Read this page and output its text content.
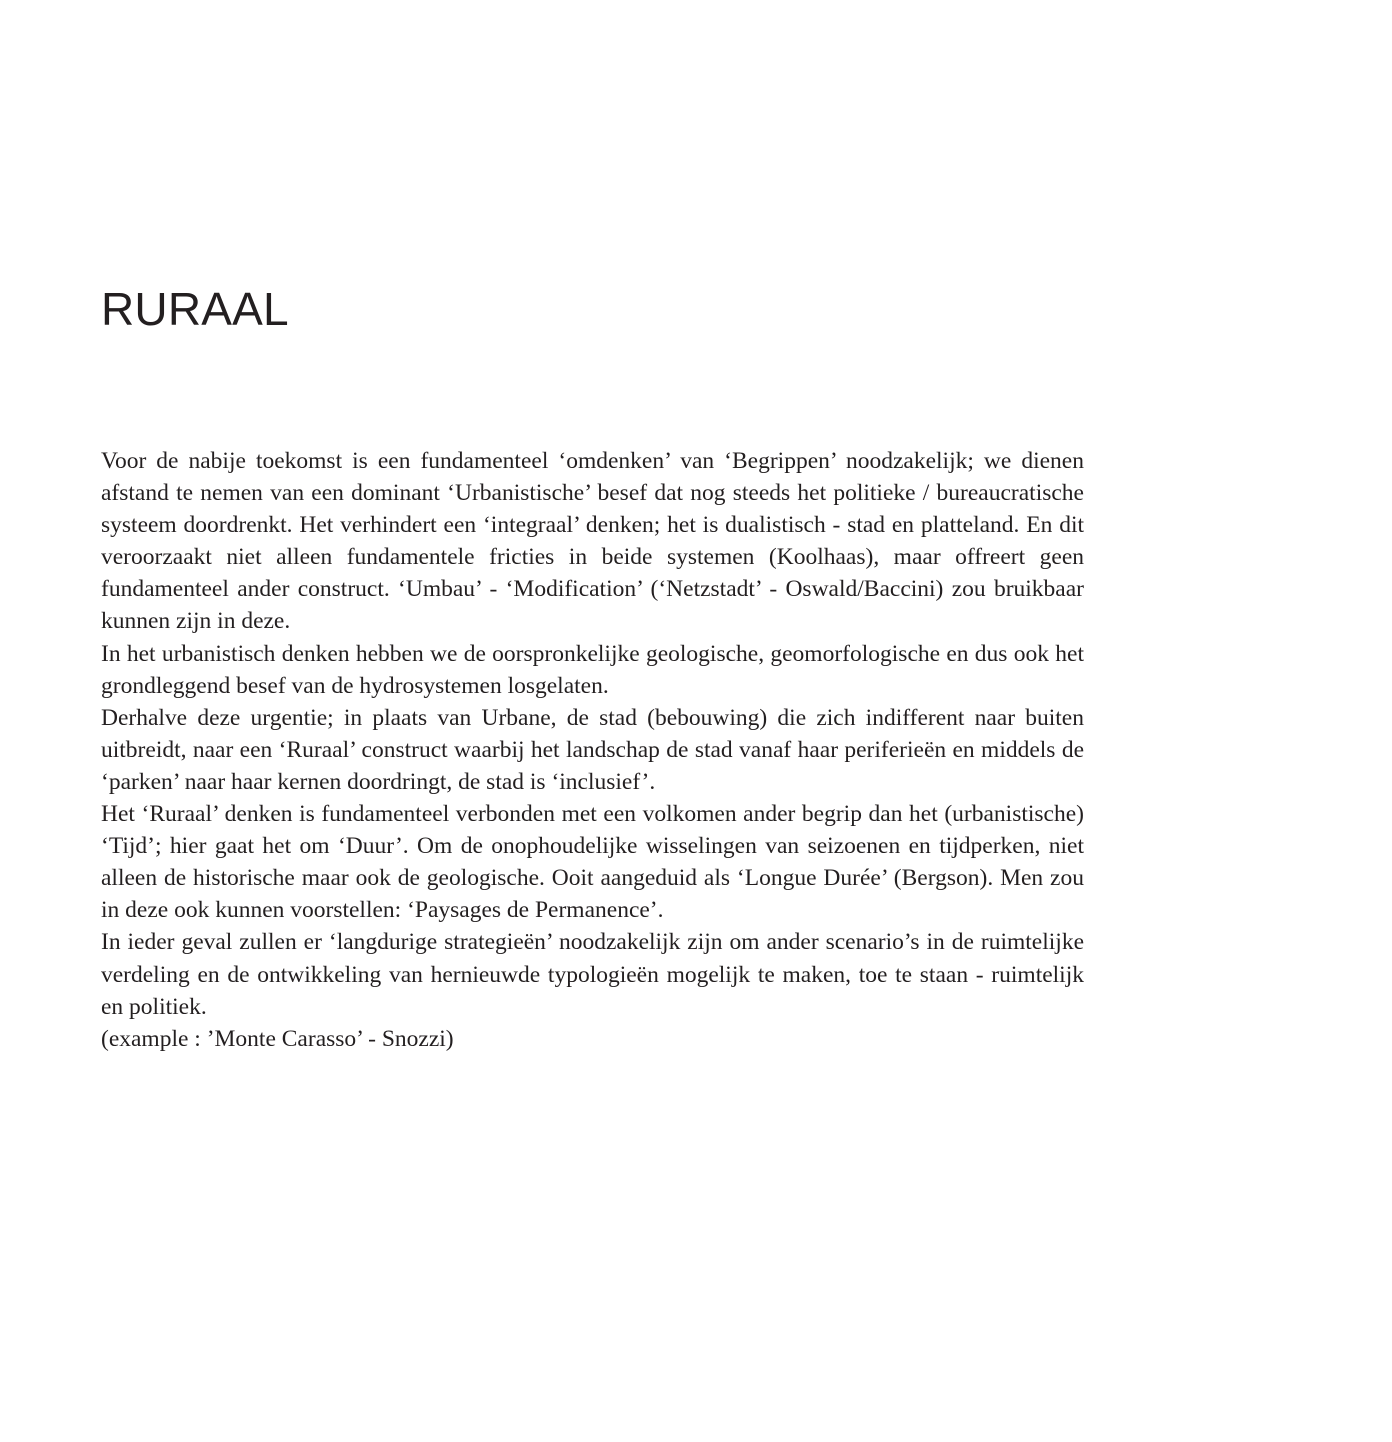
RURAAL

Voor de nabije toekomst is een fundamenteel ‘omdenken’ van ‘Begrippen’ noodzakelijk; we dienen afstand te nemen van een dominant ‘Urbanistische’ besef dat nog steeds het politieke / bureaucratische systeem doordrenkt. Het verhindert een ‘integraal’ denken; het is dualistisch - stad en platteland. En dit veroorzaakt niet alleen fundamentele fricties in beide systemen (Koolhaas), maar offreert geen fundamenteel ander construct. ‘Umbau’ - ‘Modification’ (‘Netzstadt’ - Oswald/Baccini) zou bruikbaar kunnen zijn in deze.

In het urbanistisch denken hebben we de oorspronkelijke geologische, geomorfologische en dus ook het grondleggend besef van de hydrosystemen losgelaten.

Derhalve deze urgentie; in plaats van Urbane, de stad (bebouwing) die zich indifferent naar buiten uitbreidt, naar een ‘Ruraal’ construct waarbij het landschap de stad vanaf haar periferieën en middels de ‘parken’ naar haar kernen doordringt, de stad is ‘inclusief’.

Het ‘Ruraal’ denken is fundamenteel verbonden met een volkomen ander begrip dan het (urbanistische) ‘Tijd’; hier gaat het om ‘Duur’. Om de onophoudelijke wisselingen van seizoenen en tijdperken, niet alleen de historische maar ook de geologische. Ooit aangeduid als ‘Longue Durée’ (Bergson). Men zou in deze ook kunnen voorstellen: ‘Paysages de Permanence’.

In ieder geval zullen er ‘langdurige strategieën’ noodzakelijk zijn om ander scenario’s in de ruimtelijke verdeling en de ontwikkeling van hernieuwde typologieën mogelijk te maken, toe te staan - ruimtelijk en politiek.

(example : ’Monte Carasso’ - Snozzi)
